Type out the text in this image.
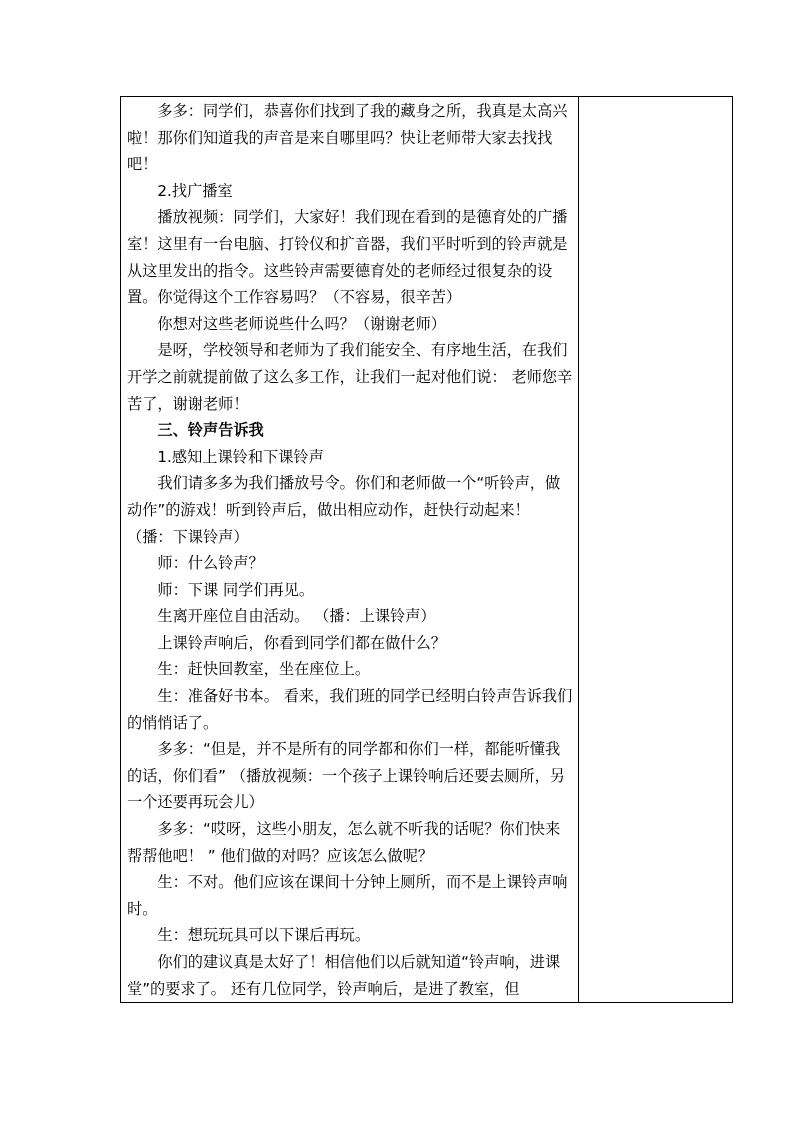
多多：同学们，恭喜你们找到了我的藏身之所，我真是太高兴啦！那你们知道我的声音是来自哪里吗？快让老师带大家去找找吧！

2.找广播室

播放视频：同学们，大家好！我们现在看到的是德育处的广播室！这里有一台电脑、打铃仪和扩音器，我们平时听到的铃声就是从这里发出的指令。这些铃声需要德育处的老师经过很复杂的设置。你觉得这个工作容易吗？（不容易，很辛苦）

你想对这些老师说些什么吗？（谢谢老师）

是呀，学校领导和老师为了我们能安全、有序地生活，在我们开学之前就提前做了这么多工作，让我们一起对他们说： 老师您辛苦了，谢谢老师！

三、铃声告诉我

1.感知上课铃和下课铃声

我们请多多为我们播放号令。你们和老师做一个“听铃声，做动作”的游戏！听到铃声后，做出相应动作，赶快行动起来！（播：下课铃声）

师：什么铃声？

师：下课 同学们再见。

生离开座位自由活动。 （播：上课铃声）

上课铃声响后，你看到同学们都在做什么？

生：赶快回教室，坐在座位上。

生：准备好书本。 看来，我们班的同学已经明白铃声告诉我们的悄悄话了。

多多：“但是，并不是所有的同学都和你们一样，都能听懂我的话，你们看” （播放视频：一个孩子上课铃响后还要去厕所，另一个还要再玩会儿）

多多：“哎呀，这些小朋友，怎么就不听我的话呢？你们快来帮帮他吧！ ” 他们做的对吗？应该怎么做呢？

生：不对。他们应该在课间十分钟上厕所，而不是上课铃声响时。

生：想玩玩具可以下课后再玩。

你们的建议真是太好了！相信他们以后就知道“铃声响，进课堂”的要求了。 还有几位同学，铃声响后，是进了教室，但
